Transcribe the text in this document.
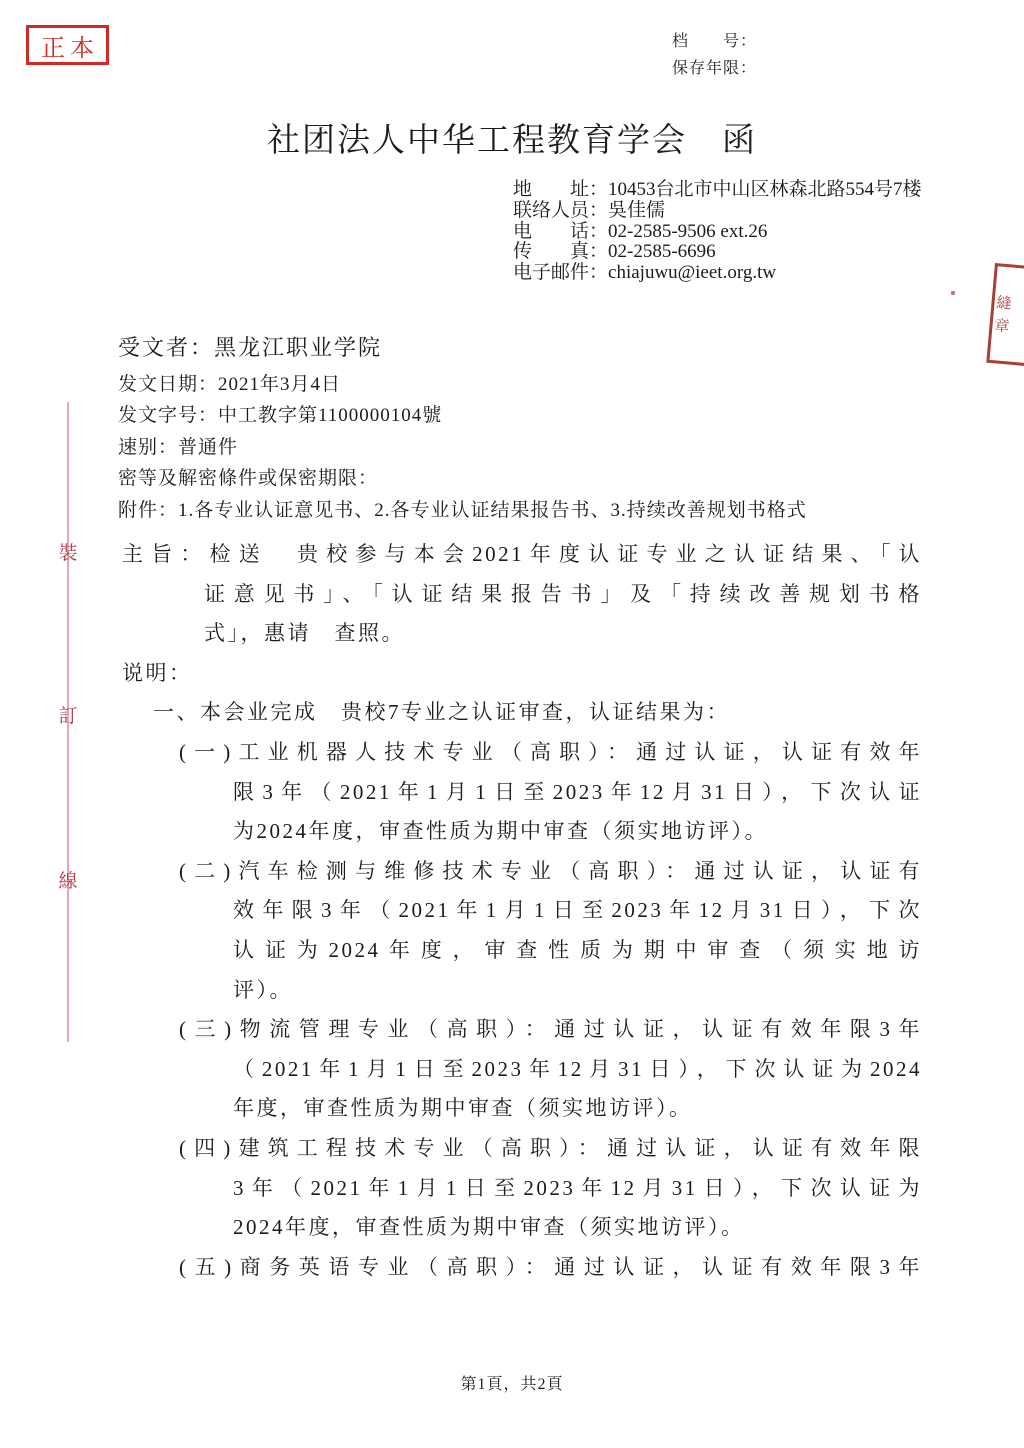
正本	档　　号：
保存年限：
社团法人中华工程教育学会　函
地　　址：10453台北市中山区林森北路554号7楼
联络人员：吳佳儒
电　　话：02-2585-9506 ext.26
传　　真：02-2585-6696
电子邮件：chiajuwu@ieet.org.tw
受文者：黑龙江职业学院
发文日期：2021年3月4日
发文字号：中工教字第1100000104號
速别：普通件
密等及解密條件或保密期限：
附件：1.各专业认证意见书、2.各专业认证结果报告书、3.持续改善规划书格式
主旨：检送　贵校参与本会2021年度认证专业之认证结果、「认
证意见书」、「认证结果报告书」及「持续改善规划书格
式」，惠请　查照。
说明：
一、本会业完成　贵校7专业之认证审查，认证结果为：
(一)工业机器人技术专业（高职）：通过认证，认证有效年
限3年（2021年1月1日至2023年12月31日），下次认证
为2024年度，审查性质为期中审查（须实地访评）。
(二)汽车检测与维修技术专业（高职）：通过认证，认证有
效年限3年（2021年1月1日至2023年12月31日），下次
认证为2024年度，审查性质为期中审查（须实地访
评）。
(三)物流管理专业（高职）：通过认证，认证有效年限3年
（2021年1月1日至2023年12月31日），下次认证为2024
年度，审查性质为期中审查（须实地访评）。
(四)建筑工程技术专业（高职）：通过认证，认证有效年限
3年（2021年1月1日至2023年12月31日），下次认证为
2024年度，审查性质为期中审查（须实地访评）。
(五)商务英语专业（高职）：通过认证，认证有效年限3年
裝
訂
線
縫
章
第1頁，共2頁
